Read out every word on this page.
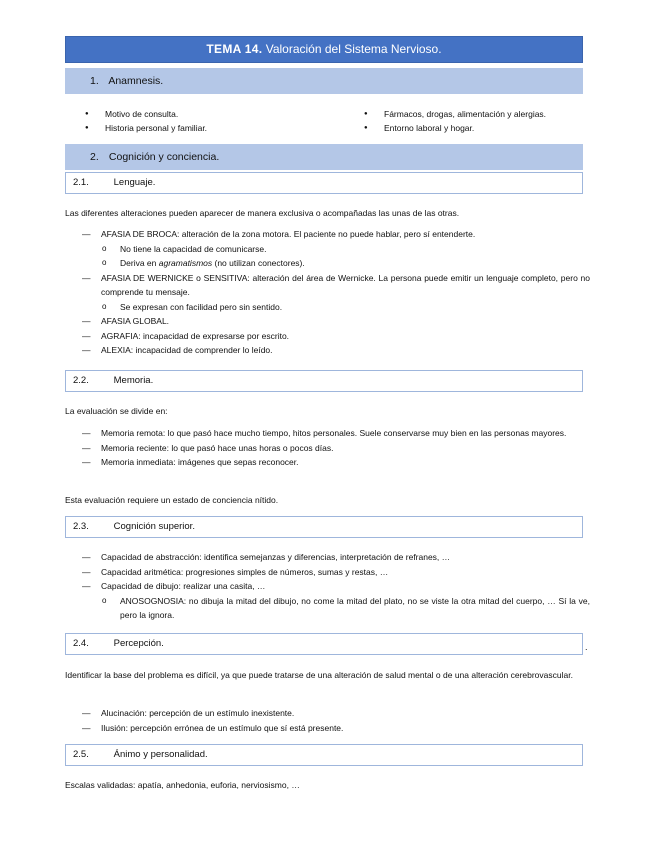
TEMA 14. Valoración del Sistema Nervioso.
1. Anamnesis.
● Motivo de consulta.
● Historia personal y familiar.
● Fármacos, drogas, alimentación y alergias.
● Entorno laboral y hogar.
2. Cognición y conciencia.
2.1.	Lenguaje.
Las diferentes alteraciones pueden aparecer de manera exclusiva o acompañadas las unas de las otras.
— AFASIA DE BROCA: alteración de la zona motora. El paciente no puede hablar, pero sí entenderte.
o No tiene la capacidad de comunicarse.
o Deriva en agramatismos (no utilizan conectores).
— AFASIA DE WERNICKE o SENSITIVA: alteración del área de Wernicke. La persona puede emitir un lenguaje completo, pero no comprende tu mensaje.
o Se expresan con facilidad pero sin sentido.
— AFASIA GLOBAL.
— AGRAFIA: incapacidad de expresarse por escrito.
— ALEXIA: incapacidad de comprender lo leído.
2.2.	Memoria.
La evaluación se divide en:
— Memoria remota: lo que pasó hace mucho tiempo, hitos personales. Suele conservarse muy bien en las personas mayores.
— Memoria reciente: lo que pasó hace unas horas o pocos días.
— Memoria inmediata: imágenes que sepas reconocer.
Esta evaluación requiere un estado de conciencia nítido.
2.3.	Cognición superior.
— Capacidad de abstracción: identifica semejanzas y diferencias, interpretación de refranes, …
— Capacidad aritmética: progresiones simples de números, sumas y restas, …
— Capacidad de dibujo: realizar una casita, …
o ANOSOGNOSIA: no dibuja la mitad del dibujo, no come la mitad del plato, no se viste la otra mitad del cuerpo, … Sí la ve, pero la ignora.
2.4.	Percepción.	.
Identificar la base del problema es difícil, ya que puede tratarse de una alteración de salud mental o de una alteración cerebrovascular.
— Alucinación: percepción de un estímulo inexistente.
— Ilusión: percepción errónea de un estímulo que sí está presente.
2.5.	Ánimo y personalidad.
Escalas validadas: apatía, anhedonia, euforia, nerviosismo, …
